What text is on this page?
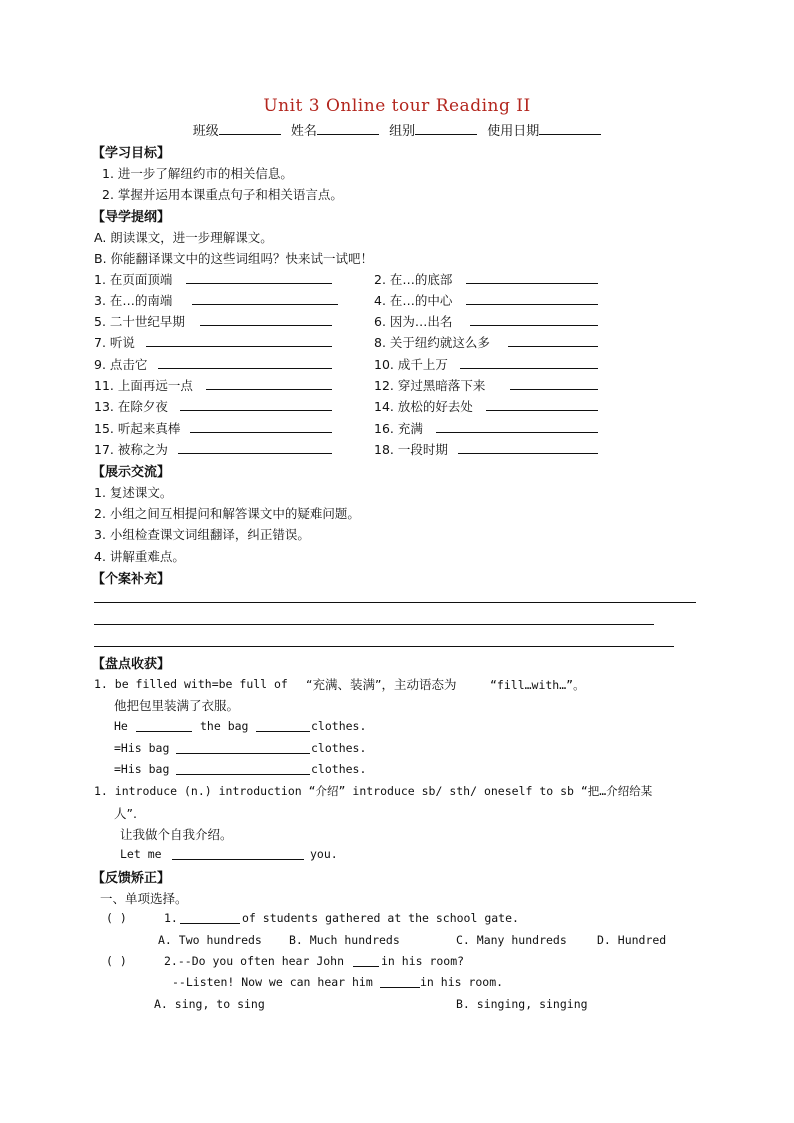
Unit 3 Online tour Reading II
班级	姓名	组别	使用日期
【学习目标】
1. 进一步了解纽约市的相关信息。
2. 掌握并运用本课重点句子和相关语言点。
【导学提纲】
A. 朗读课文，进一步理解课文。
B. 你能翻译课文中的这些词组吗？快来试一试吧！
1. 在页面顶端	2. 在…的底部
3. 在…的南端	4. 在…的中心
5. 二十世纪早期	6. 因为…出名
7. 听说	8. 关于纽约就这么多
9. 点击它	10. 成千上万
11. 上面再远一点	12. 穿过黑暗落下来
13. 在除夕夜	14. 放松的好去处
15. 听起来真棒	16. 充满
17. 被称之为	18. 一段时期
【展示交流】
1. 复述课文。
2. 小组之间互相提问和解答课文中的疑难问题。
3. 小组检查课文词组翻译，纠正错误。
4. 讲解重难点。
【个案补充】
【盘点收获】
1. be filled with=be full of “充满、装满”，主动语态为	“fill…with…”。
他把包里装满了衣服。
He	the bag	clothes.
=His bag	clothes.
=His bag	clothes.
1. introduce (n.) introduction “介绍” introduce sb/ sth/ oneself to sb “把…介绍给某
人”.
让我做个自我介绍。
Let me	you.
【反馈矫正】
一、单项选择。
( )	1.	of students gathered at the school gate.
A. Two hundreds B. Much hundreds	C. Many hundreds	D. Hundred
( )	2.--Do you often hear John	in his room?
--Listen! Now we can hear him	in his room.
A. sing, to sing	B. singing, singing
